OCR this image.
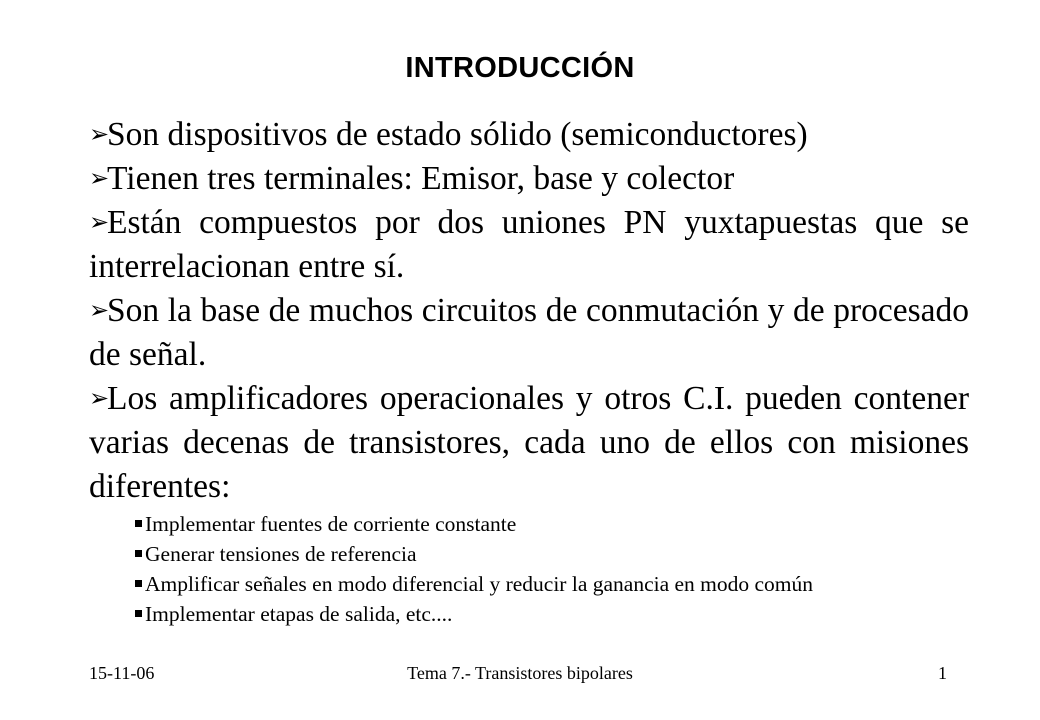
INTRODUCCIÓN
➢Son dispositivos de estado sólido (semiconductores)
➢Tienen tres terminales: Emisor, base y colector
➢Están compuestos por dos uniones PN yuxtapuestas que se interrelacionan entre sí.
➢Son la base de muchos circuitos de conmutación y de procesado de señal.
➢Los amplificadores operacionales y otros C.I. pueden contener varias decenas de transistores, cada uno de ellos con misiones diferentes:
Implementar fuentes de corriente constante
Generar tensiones de referencia
Amplificar señales en modo diferencial y reducir la ganancia en modo común
Implementar etapas de salida, etc....
15-11-06	Tema 7.- Transistores bipolares	1
